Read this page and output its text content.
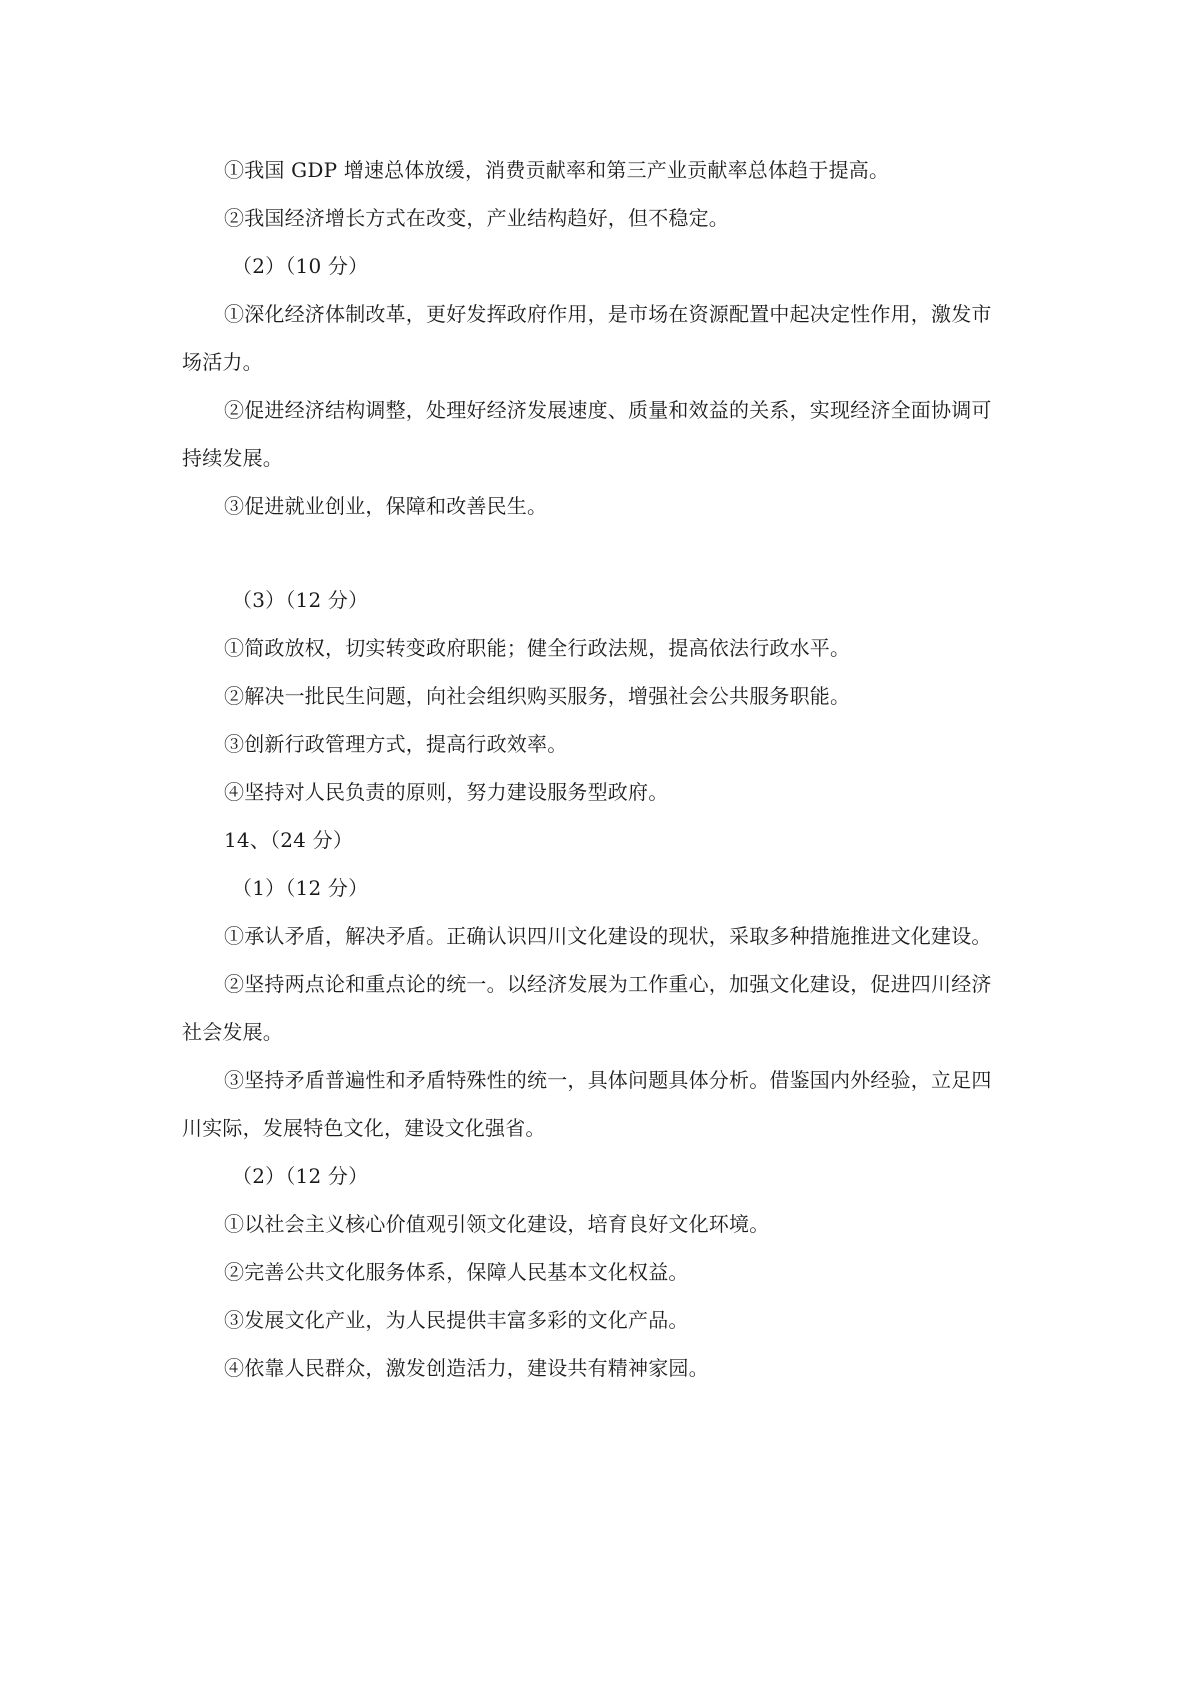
①我国 GDP 增速总体放缓，消费贡献率和第三产业贡献率总体趋于提高。
②我国经济增长方式在改变，产业结构趋好，但不稳定。
（2）（10 分）
①深化经济体制改革，更好发挥政府作用，是市场在资源配置中起决定性作用，激发市
场活力。
②促进经济结构调整，处理好经济发展速度、质量和效益的关系，实现经济全面协调可
持续发展。
③促进就业创业，保障和改善民生。
（3）（12 分）
①简政放权，切实转变政府职能；健全行政法规，提高依法行政水平。
②解决一批民生问题，向社会组织购买服务，增强社会公共服务职能。
③创新行政管理方式，提高行政效率。
④坚持对人民负责的原则，努力建设服务型政府。
14、（24 分）
（1）（12 分）
①承认矛盾，解决矛盾。正确认识四川文化建设的现状，采取多种措施推进文化建设。
②坚持两点论和重点论的统一。以经济发展为工作重心，加强文化建设，促进四川经济
社会发展。
③坚持矛盾普遍性和矛盾特殊性的统一，具体问题具体分析。借鉴国内外经验，立足四
川实际，发展特色文化，建设文化强省。
（2）（12 分）
①以社会主义核心价值观引领文化建设，培育良好文化环境。
②完善公共文化服务体系，保障人民基本文化权益。
③发展文化产业，为人民提供丰富多彩的文化产品。
④依靠人民群众，激发创造活力，建设共有精神家园。
